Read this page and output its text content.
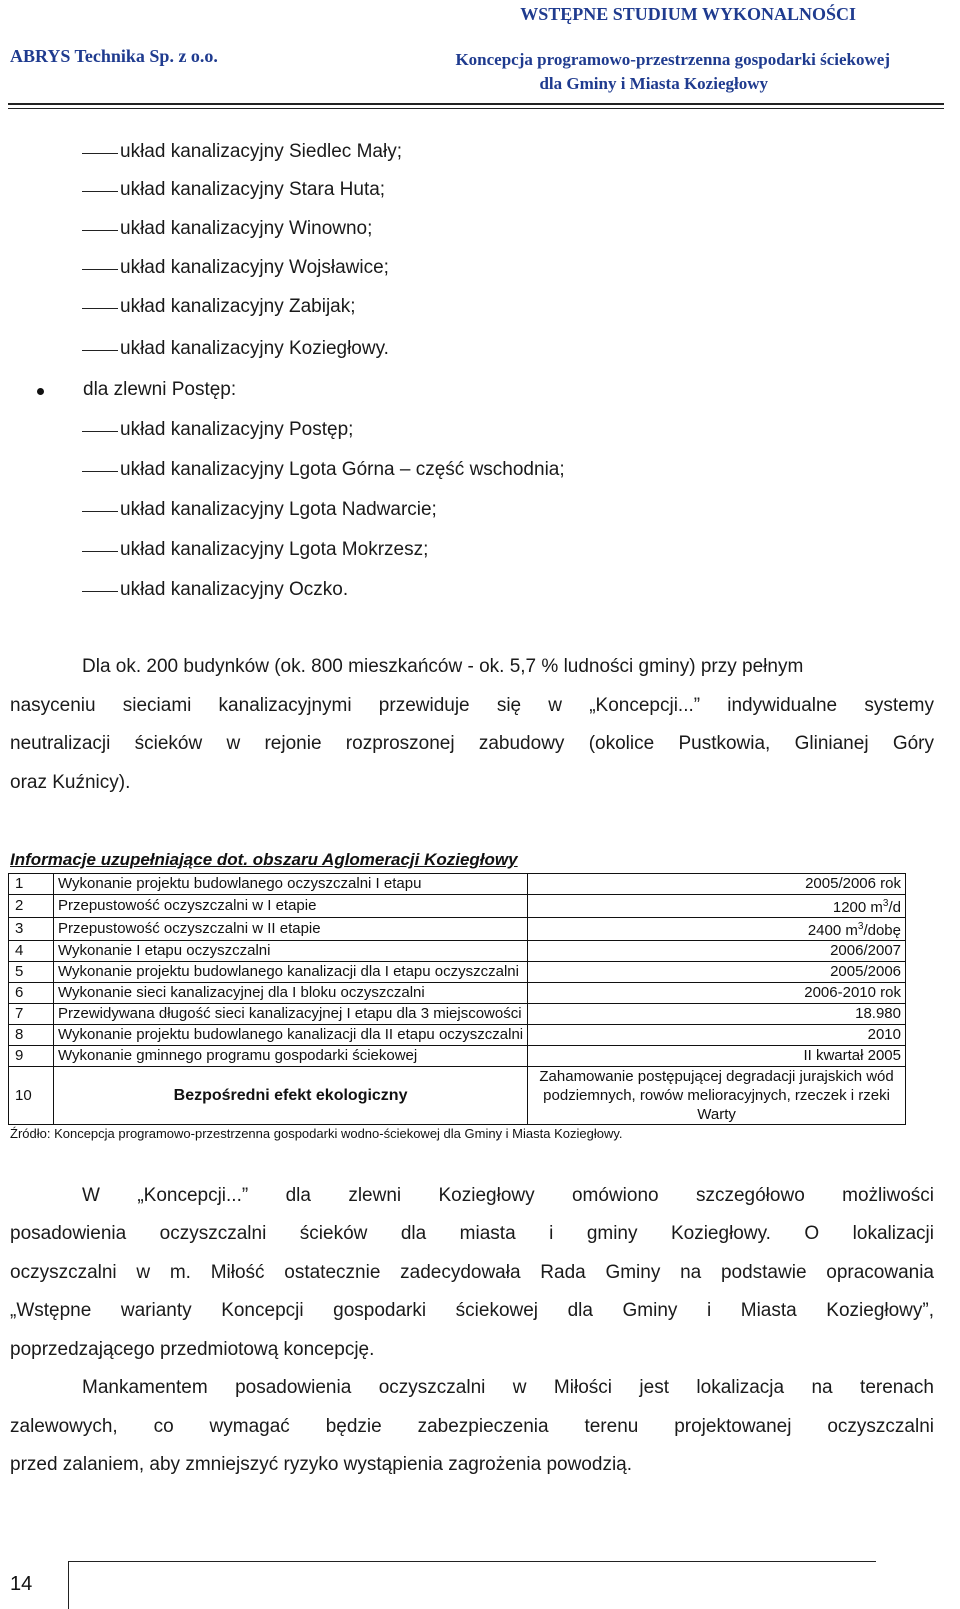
WSTĘPNE STUDIUM WYKONALNOŚCI
ABRYS Technika Sp. z o.o.	Koncepcja programowo-przestrzenna gospodarki ściekowej
dla Gminy i Miasta Koziegłowy
układ kanalizacyjny Siedlec Mały;
układ kanalizacyjny Stara Huta;
układ kanalizacyjny Winowno;
układ kanalizacyjny Wojsławice;
układ kanalizacyjny Zabijak;
układ kanalizacyjny Koziegłowy.
dla zlewni Postęp:
układ kanalizacyjny Postęp;
układ kanalizacyjny Lgota Górna – część wschodnia;
układ kanalizacyjny Lgota Nadwarcie;
układ kanalizacyjny Lgota Mokrzesz;
układ kanalizacyjny Oczko.
Dla ok. 200 budynków (ok. 800 mieszkańców - ok. 5,7 % ludności gminy) przy pełnym
nasyceniu sieciami kanalizacyjnymi przewiduje się w „Koncepcji...” indywidualne systemy
neutralizacji ścieków w rejonie rozproszonej zabudowy (okolice Pustkowia, Glinianej Góry
oraz Kuźnicy).
Informacje uzupełniające dot. obszaru Aglomeracji Koziegłowy
1	Wykonanie projektu budowlanego oczyszczalni I etapu	2005/2006 rok
2	Przepustowość oczyszczalni w I etapie	1200 $m^3/d$
3	Przepustowość oczyszczalni w II etapie	2400 $m^3$/dobę
4	Wykonanie I etapu oczyszczalni	2006/2007
5	Wykonanie projektu budowlanego kanalizacji dla I etapu oczyszczalni	2005/2006
6	Wykonanie sieci kanalizacyjnej dla I bloku oczyszczalni	2006-2010 rok
7	Przewidywana długość sieci kanalizacyjnej I etapu dla 3 miejscowości	18.980
8	Wykonanie projektu budowlanego kanalizacji dla II etapu oczyszczalni	2010
9	Wykonanie gminnego programu gospodarki ściekowej	II kwartał 2005
10	Bezpośredni efekt ekologiczny	Zahamowanie postępującej degradacji jurajskich wód
podziemnych, rowów melioracyjnych, rzeczek i rzeki Warty
Źródło: Koncepcja programowo-przestrzenna gospodarki wodno-ściekowej dla Gminy i Miasta Koziegłowy.
W „Koncepcji...” dla zlewni Koziegłowy omówiono szczegółowo możliwości
posadowienia oczyszczalni ścieków dla miasta i gminy Koziegłowy. O lokalizacji
oczyszczalni w m. Miłość ostatecznie zadecydowała Rada Gminy na podstawie opracowania
„Wstępne warianty Koncepcji gospodarki ściekowej dla Gminy i Miasta Koziegłowy”,
poprzedzającego przedmiotową koncepcję.
Mankamentem posadowienia oczyszczalni w Miłości jest lokalizacja na terenach
zalewowych, co wymagać będzie zabezpieczenia terenu projektowanej oczyszczalni
przed zalaniem, aby zmniejszyć ryzyko wystąpienia zagrożenia powodzią.
14
